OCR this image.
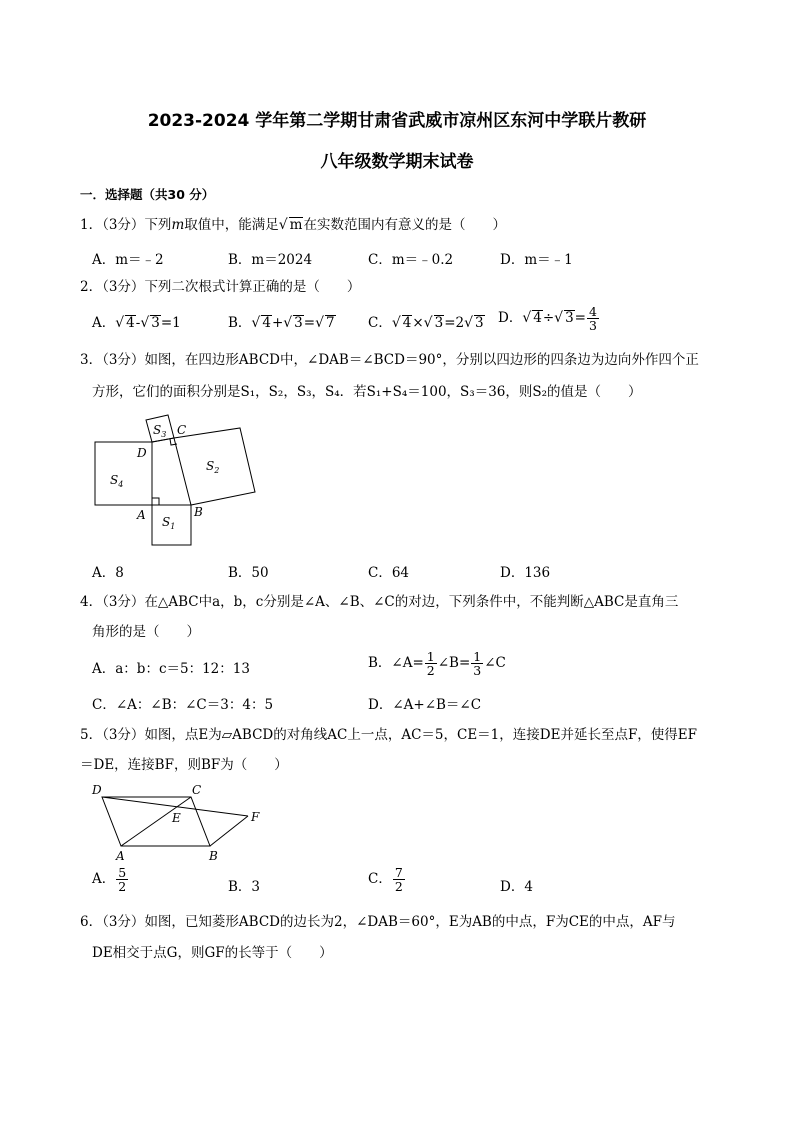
2023-2024 学年第二学期甘肃省武威市凉州区东河中学联片教研
八年级数学期末试卷
一．选择题（共30 分）
1．（3分）下列m取值中，能满足√ m在实数范围内有意义的是（　　）
A．m＝﹣2	B．m＝2024	C．m＝﹣0.2	D．m＝﹣1
2．（3分）下列二次根式计算正确的是（　　）
A．√ 4-√ 3=1	B．√ 4+√ 3=√ 7 C．√ 4×√ 3=2√ 3 D．√ 4÷√ $3= \frac{4}{3}$
3．（3分）如图，在四边形ABCD中，∠DAB＝∠BCD＝90°，分别以四边形的四条边为边向外作四个正
方形，它们的面积分别是S₁，S₂，S₃，S₄．若S₁+S₄＝100，S₃＝36，则S₂的值是（　　）
$S_4$
$S_1$
$S_3$
$S_2$
D
C
A	B
A．8	B．50	C．64	D．136
4．（3分）在△ABC中a，b，c分别是∠A、∠B、∠C的对边，下列条件中，不能判断△ABC是直角三
角形的是（　　）
A．a：b：c＝5：12：13	B．∠A= $\frac{1}{2}$ ∠B= $\frac{1}{3}$ ∠C
C．∠A：∠B：∠C＝3：4：5	D．∠A+∠B＝∠C
5．（3分）如图，点E为▱ABCD的对角线AC上一点，AC＝5，CE＝1，连接DE并延长至点F，使得EF
＝DE，连接BF，则BF为（　　）
D	C
E	F
A	B
A． $\frac{5}{2}$	B．3	C． $\frac{7}{2}$	D．4
6．（3分）如图，已知菱形ABCD的边长为2，∠DAB＝60°，E为AB的中点，F为CE的中点，AF与
DE相交于点G，则GF的长等于（　　）
